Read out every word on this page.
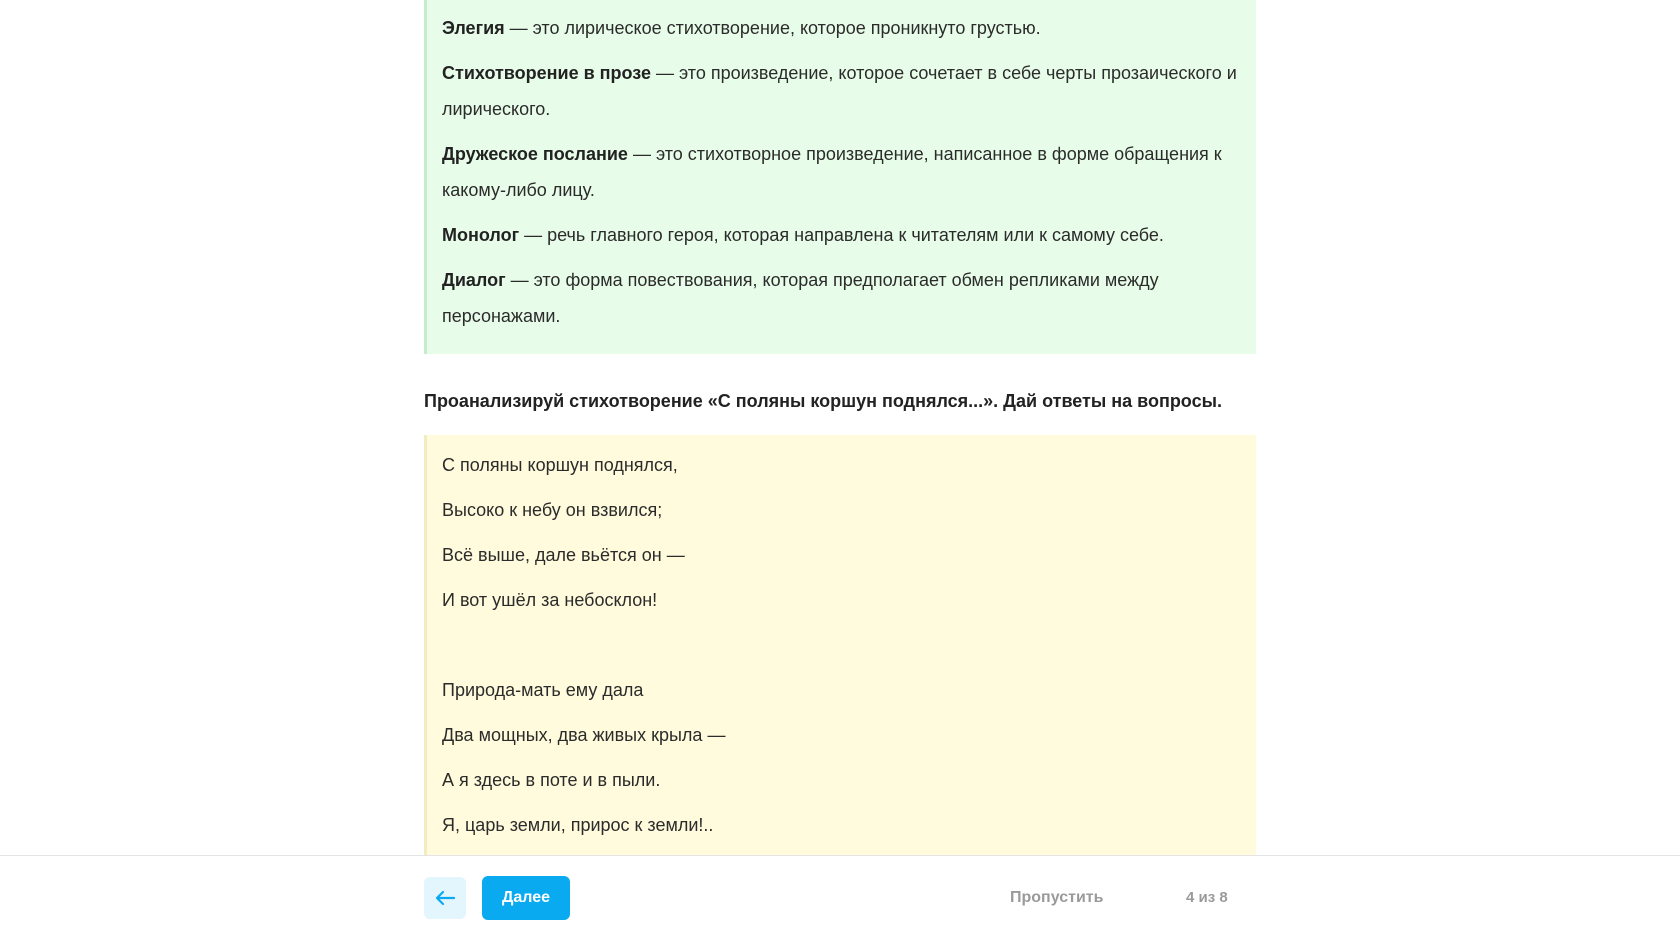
Элегия — это лирическое стихотворение, которое проникнуто грустью.

Стихотворение в прозе — это произведение, которое сочетает в себе черты прозаического и лирического.

Дружеское послание — это стихотворное произведение, написанное в форме обращения к какому-либо лицу.

Монолог — речь главного героя, которая направлена к читателям или к самому себе.

Диалог — это форма повествования, которая предполагает обмен репликами между персонажами.

Проанализируй стихотворение «С поляны коршун поднялся...». Дай ответы на вопросы.

С поляны коршун поднялся,

Высоко к небу он взвился;

Всё выше, дале вьётся он —

И вот ушёл за небосклон!

Природа-мать ему дала

Два мощных, два живых крыла —

А я здесь в поте и в пыли.

Я, царь земли, прирос к земли!..

Далее	Пропустить	4 из 8
